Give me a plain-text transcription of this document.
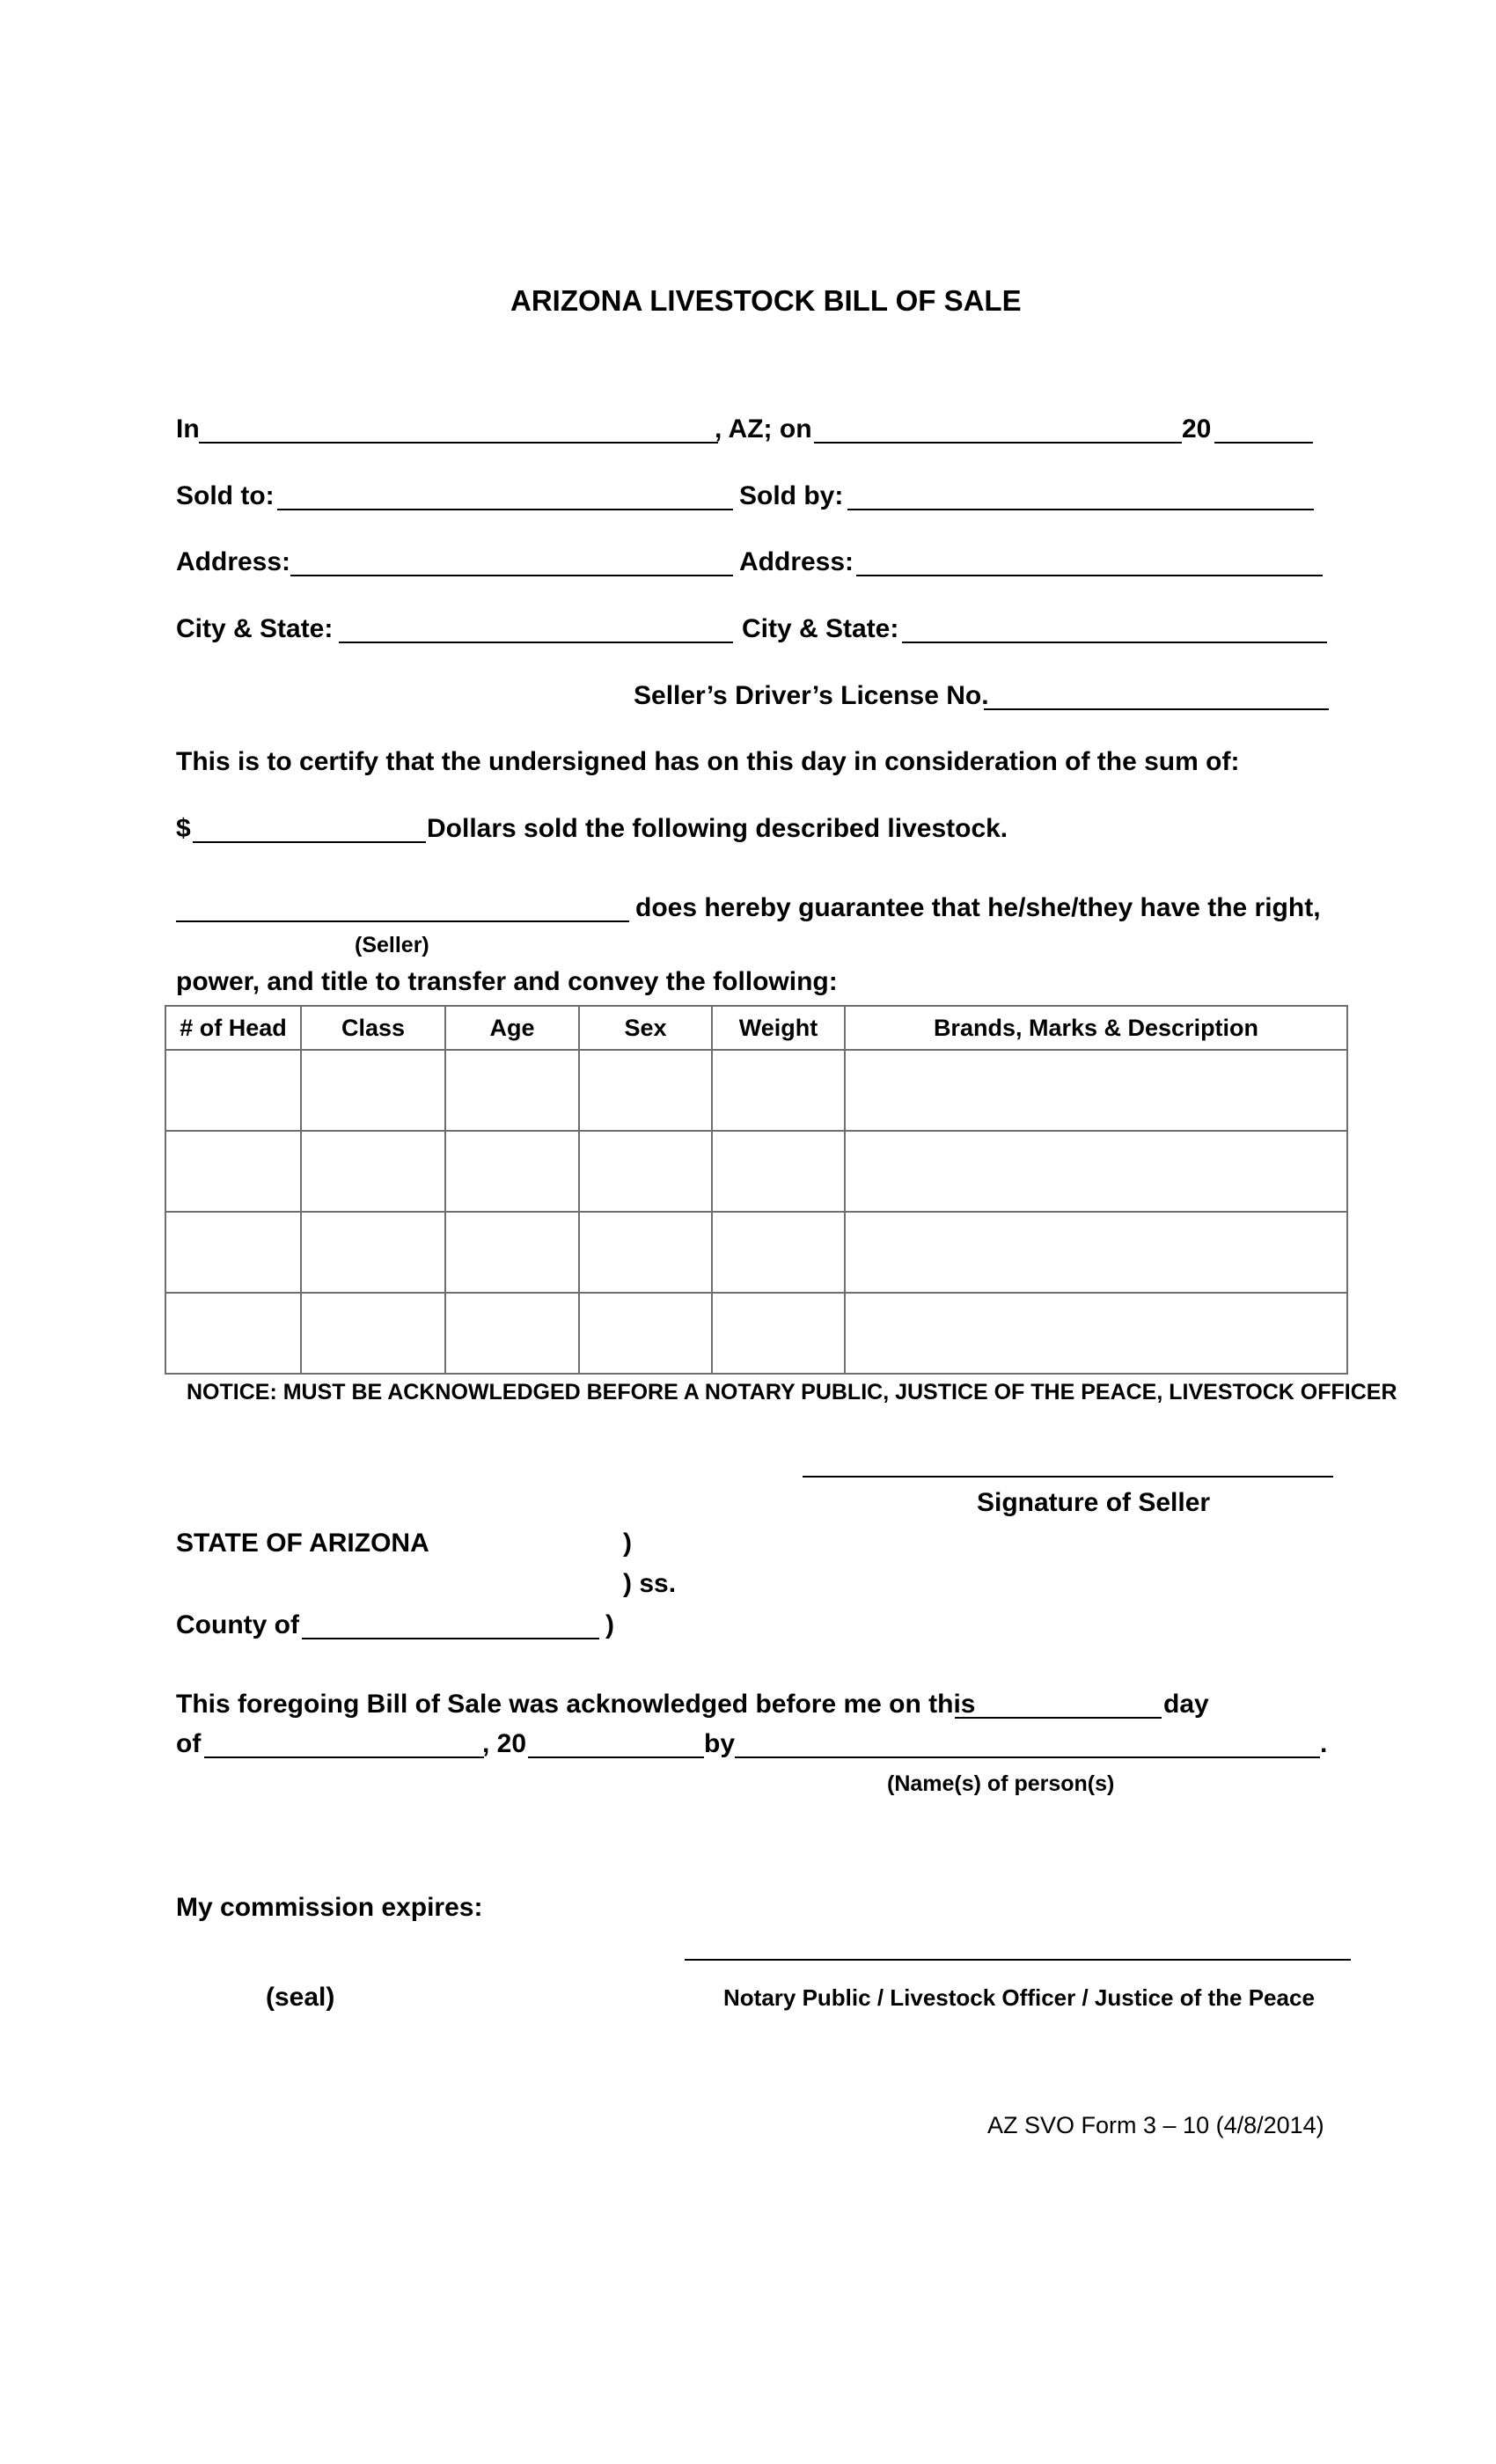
ARIZONA LIVESTOCK BILL OF SALE
In	, AZ; on	20
Sold to:	Sold by:
Address:	Address:
City & State:	City & State:
Seller’s Driver’s License No.
This is to certify that the undersigned has on this day in consideration of the sum of:
$	Dollars sold the following described livestock.
does hereby guarantee that he/she/they have the right,
(Seller)
power, and title to transfer and convey the following:
# of Head	Class	Age	Sex	Weight	Brands, Marks & Description

NOTICE: MUST BE ACKNOWLEDGED BEFORE A NOTARY PUBLIC, JUSTICE OF THE PEACE, LIVESTOCK OFFICER
Signature of Seller
STATE OF ARIZONA	)
) ss.
County of	)
This foregoing Bill of Sale was acknowledged before me on this	day
of	, 20	by	.
(Name(s) of person(s)
My commission expires:
(seal)	Notary Public / Livestock Officer / Justice of the Peace
AZ SVO Form 3 – 10 (4/8/2014)
